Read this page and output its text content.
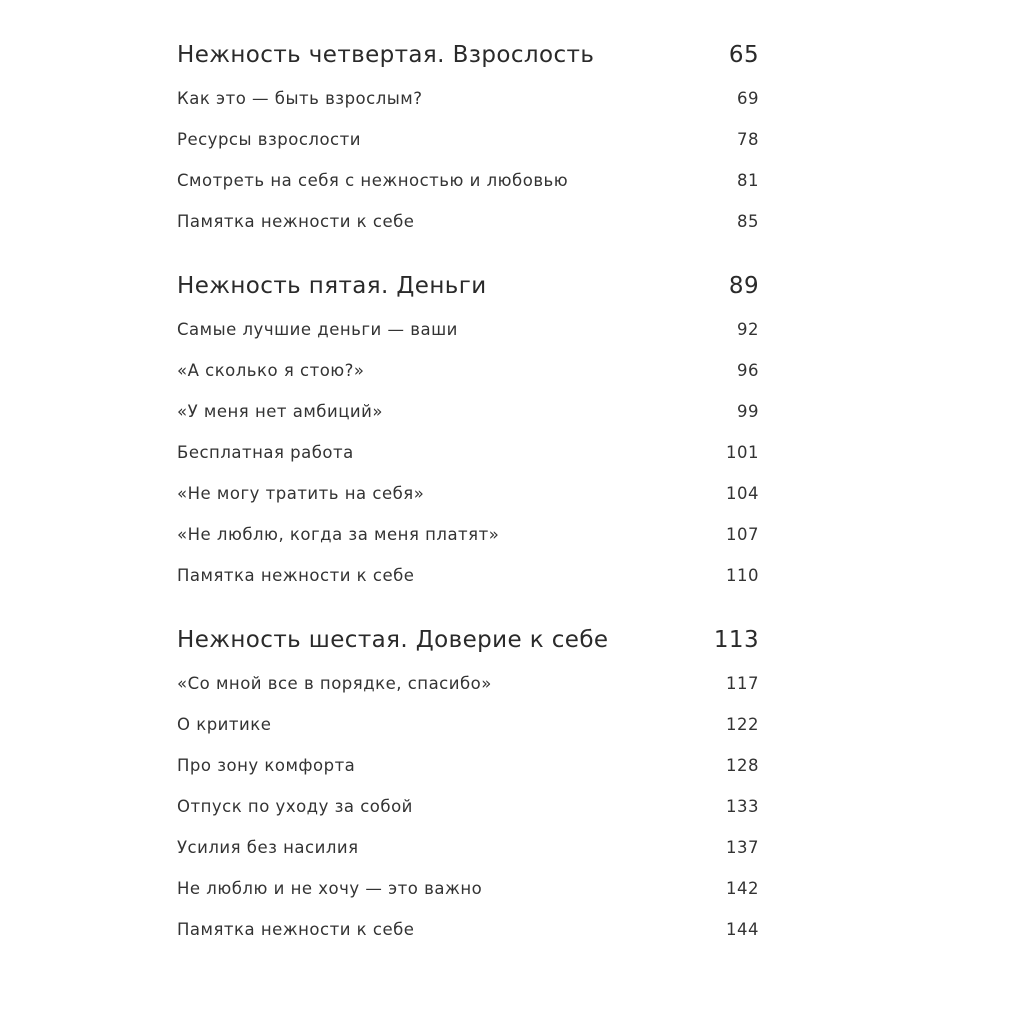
Нежность четвертая. Взрослость	65
Как это — быть взрослым?	69
Ресурсы взрослости	78
Смотреть на себя с нежностью и любовью	81
Памятка нежности к себе	85
Нежность пятая. Деньги	89
Самые лучшие деньги — ваши	92
«А сколько я стою?»	96
«У меня нет амбиций»	99
Бесплатная работа	101
«Не могу тратить на себя»	104
«Не люблю, когда за меня платят»	107
Памятка нежности к себе	110
Нежность шестая. Доверие к себе	113
«Со мной все в порядке, спасибо»	117
О критике	122
Про зону комфорта	128
Отпуск по уходу за собой	133
Усилия без насилия	137
Не люблю и не хочу — это важно	142
Памятка нежности к себе	144
